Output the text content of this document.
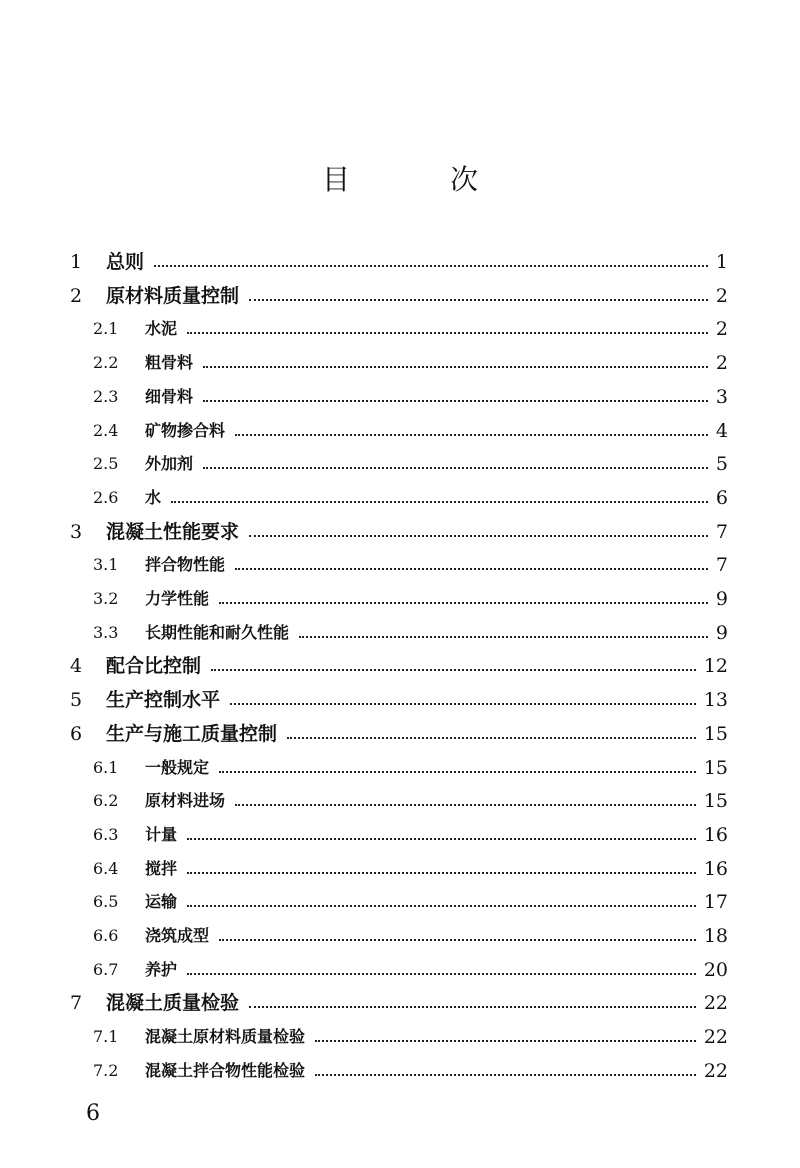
目　次
1 总则	1
2 原材料质量控制	2
2.1 水泥	2
2.2 粗骨料	2
2.3 细骨料	3
2.4 矿物掺合料	4
2.5 外加剂	5
2.6 水	6
3 混凝土性能要求	7
3.1 拌合物性能	7
3.2 力学性能	9
3.3 长期性能和耐久性能	9
4 配合比控制	12
5 生产控制水平	13
6 生产与施工质量控制	15
6.1 一般规定	15
6.2 原材料进场	15
6.3 计量	16
6.4 搅拌	16
6.5 运输	17
6.6 浇筑成型	18
6.7 养护	20
7 混凝土质量检验	22
7.1 混凝土原材料质量检验	22
7.2 混凝土拌合物性能检验	22
6
